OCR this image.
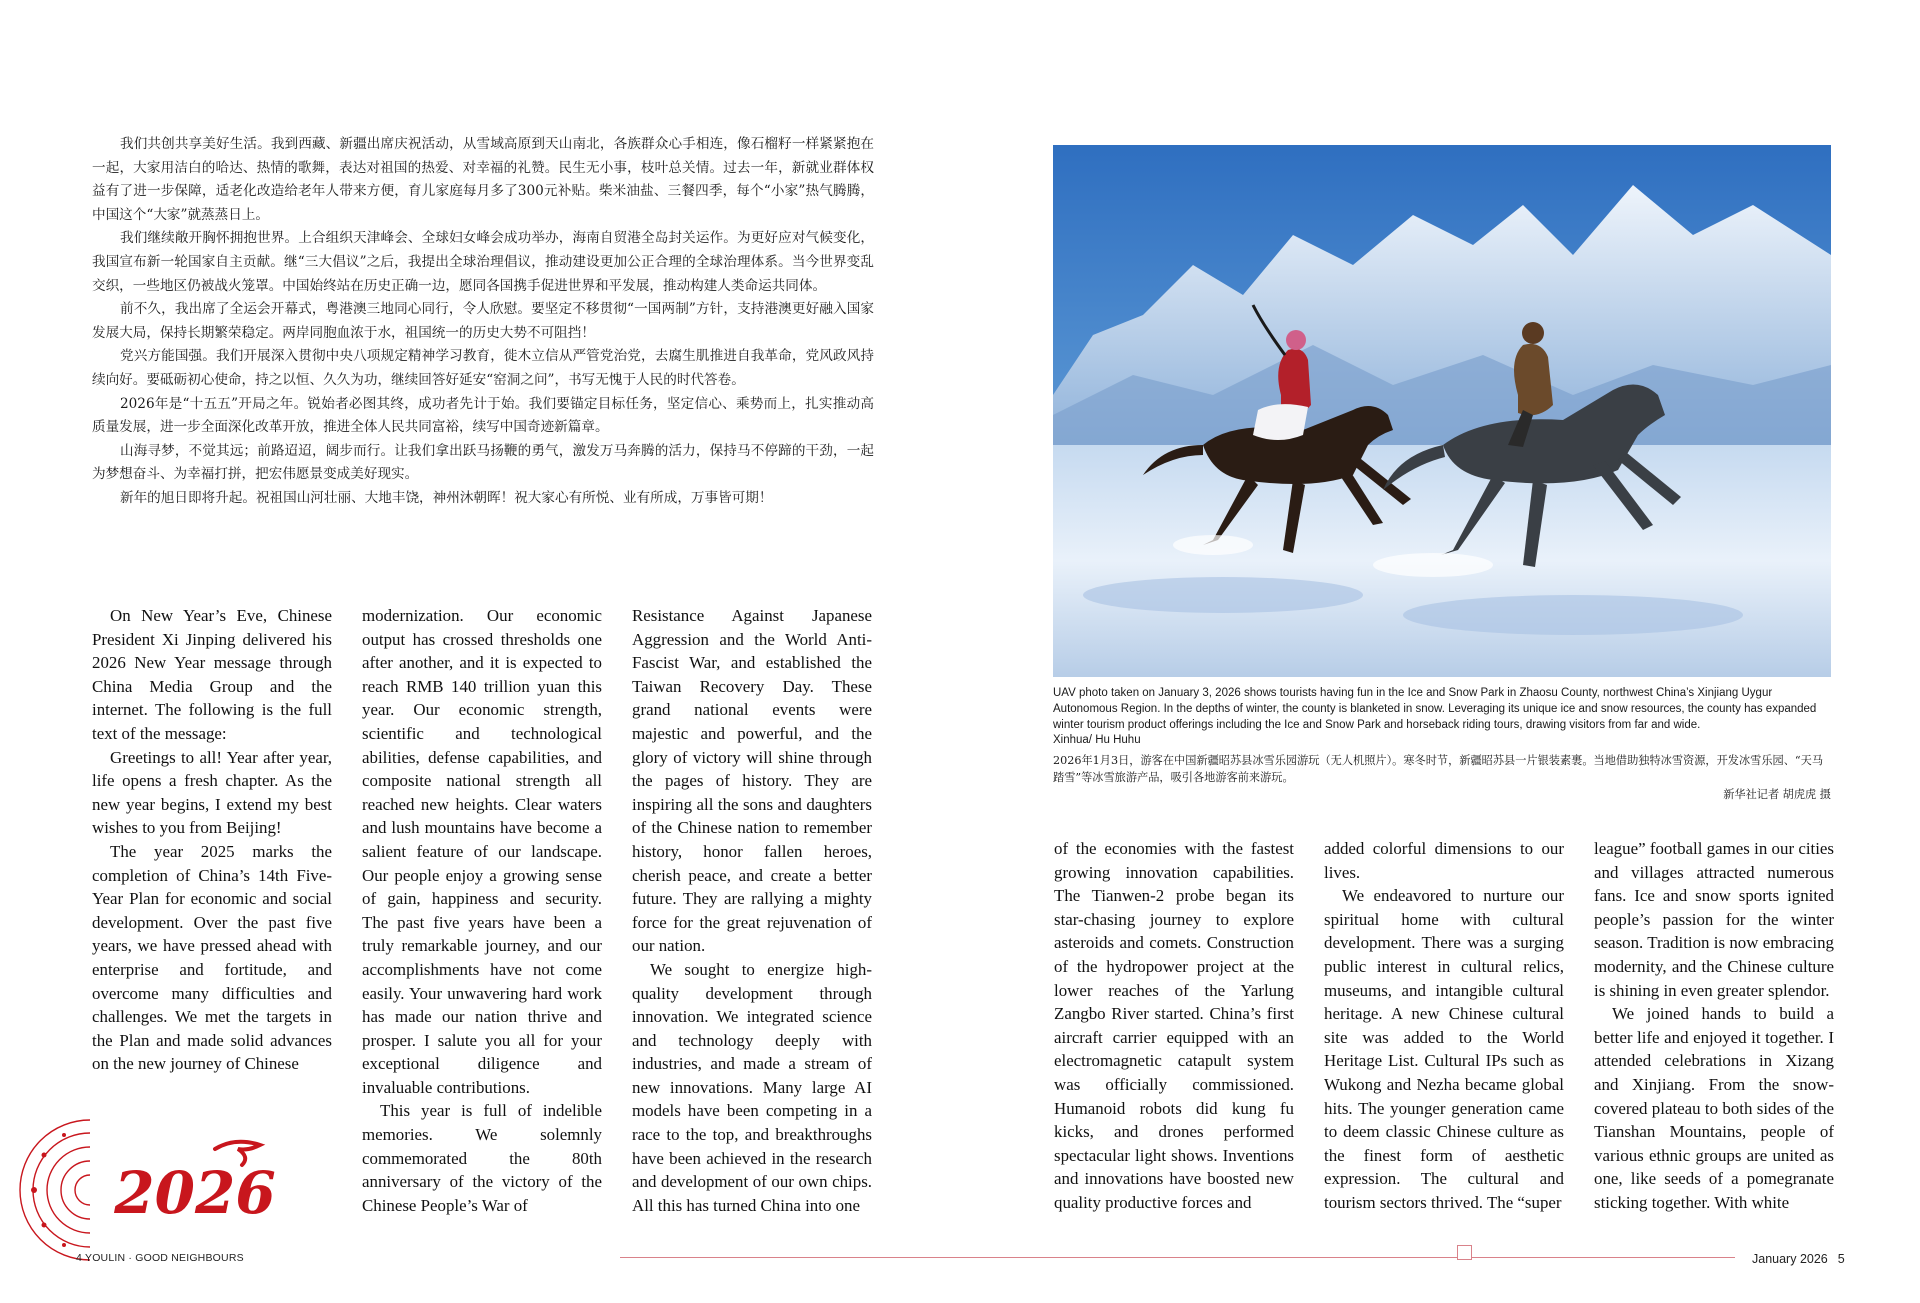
我们共创共享美好生活。我到西藏、新疆出席庆祝活动，从雪域高原到天山南北，各族群众心手相连，像石榴籽一样紧紧抱在一起，大家用洁白的哈达、热情的歌舞，表达对祖国的热爱、对幸福的礼赞。民生无小事，枝叶总关情。过去一年，新就业群体权益有了进一步保障，适老化改造给老年人带来方便，育儿家庭每月多了300元补贴。柴米油盐、三餐四季，每个“小家”热气腾腾，中国这个“大家”就蒸蒸日上。

我们继续敞开胸怀拥抱世界。上合组织天津峰会、全球妇女峰会成功举办，海南自贸港全岛封关运作。为更好应对气候变化，我国宣布新一轮国家自主贡献。继“三大倡议”之后，我提出全球治理倡议，推动建设更加公正合理的全球治理体系。当今世界变乱交织，一些地区仍被战火笼罩。中国始终站在历史正确一边，愿同各国携手促进世界和平发展，推动构建人类命运共同体。

前不久，我出席了全运会开幕式，粤港澳三地同心同行，令人欣慰。要坚定不移贯彻“一国两制”方针，支持港澳更好融入国家发展大局，保持长期繁荣稳定。两岸同胞血浓于水，祖国统一的历史大势不可阻挡！

党兴方能国强。我们开展深入贯彻中央八项规定精神学习教育，徙木立信从严管党治党，去腐生肌推进自我革命，党风政风持续向好。要砥砺初心使命，持之以恒、久久为功，继续回答好延安“窑洞之问”，书写无愧于人民的时代答卷。

2026年是“十五五”开局之年。锐始者必图其终，成功者先计于始。我们要锚定目标任务，坚定信心、乘势而上，扎实推动高质量发展，进一步全面深化改革开放，推进全体人民共同富裕，续写中国奇迹新篇章。

山海寻梦，不觉其远；前路迢迢，阔步而行。让我们拿出跃马扬鞭的勇气，激发万马奔腾的活力，保持马不停蹄的干劲，一起为梦想奋斗、为幸福打拼，把宏伟愿景变成美好现实。

新年的旭日即将升起。祝祖国山河壮丽、大地丰饶，神州沐朝晖！祝大家心有所悦、业有所成，万事皆可期！

On New Year’s Eve, Chinese President Xi Jinping delivered his 2026 New Year message through China Media Group and the internet. The following is the full text of the message:

Greetings to all! Year after year, life opens a fresh chapter. As the new year begins, I extend my best wishes to you from Beijing!

The year 2025 marks the completion of China’s 14th Five-Year Plan for economic and social development. Over the past five years, we have pressed ahead with enterprise and fortitude, and overcome many difficulties and challenges. We met the targets in the Plan and made solid advances on the new journey of Chinese

modernization. Our economic output has crossed thresholds one after another, and it is expected to reach RMB 140 trillion yuan this year. Our economic strength, scientific and technological abilities, defense capabilities, and composite national strength all reached new heights. Clear waters and lush mountains have become a salient feature of our landscape. Our people enjoy a growing sense of gain, happiness and security. The past five years have been a truly remarkable journey, and our accomplishments have not come easily. Your unwavering hard work has made our nation thrive and prosper. I salute you all for your exceptional diligence and invaluable contributions.

This year is full of indelible memories. We solemnly commemorated the 80th anniversary of the victory of the Chinese People’s War of

Resistance Against Japanese Aggression and the World Anti-Fascist War, and established the Taiwan Recovery Day. These grand national events were majestic and powerful, and the glory of victory will shine through the pages of history. They are inspiring all the sons and daughters of the Chinese nation to remember history, honor fallen heroes, cherish peace, and create a better future. They are rallying a mighty force for the great rejuvenation of our nation.

We sought to energize high-quality development through innovation. We integrated science and technology deeply with industries, and made a stream of new innovations. Many large AI models have been competing in a race to the top, and breakthroughs have been achieved in the research and development of our own chips. All this has turned China into one

UAV photo taken on January 3, 2026 shows tourists having fun in the Ice and Snow Park in Zhaosu County, northwest China’s Xinjiang Uygur Autonomous Region. In the depths of winter, the county is blanketed in snow. Leveraging its unique ice and snow resources, the county has expanded winter tourism product offerings including the Ice and Snow Park and horseback riding tours, drawing visitors from far and wide.
Xinhua/ Hu Huhu
2026年1月3日，游客在中国新疆昭苏县冰雪乐园游玩（无人机照片）。寒冬时节，新疆昭苏县一片银装素裹。当地借助独特冰雪资源，开发冰雪乐园、“天马踏雪”等冰雪旅游产品，吸引各地游客前来游玩。
新华社记者 胡虎虎 摄

of the economies with the fastest growing innovation capabilities. The Tianwen-2 probe began its star-chasing journey to explore asteroids and comets. Construction of the hydropower project at the lower reaches of the Yarlung Zangbo River started. China’s first aircraft carrier equipped with an electromagnetic catapult system was officially commissioned. Humanoid robots did kung fu kicks, and drones performed spectacular light shows. Inventions and innovations have boosted new quality productive forces and

added colorful dimensions to our lives.

We endeavored to nurture our spiritual home with cultural development. There was a surging public interest in cultural relics, museums, and intangible cultural heritage. A new Chinese cultural site was added to the World Heritage List. Cultural IPs such as Wukong and Nezha became global hits. The younger generation came to deem classic Chinese culture as the finest form of aesthetic expression. The cultural and tourism sectors thrived. The “super

league” football games in our cities and villages attracted numerous fans. Ice and snow sports ignited people’s passion for the winter season. Tradition is now embracing modernity, and the Chinese culture is shining in even greater splendor.

We joined hands to build a better life and enjoyed it together. I attended celebrations in Xizang and Xinjiang. From the snow-covered plateau to both sides of the Tianshan Mountains, people of various ethnic groups are united as one, like seeds of a pomegranate sticking together. With white

2026
4 YOULIN · GOOD NEIGHBOURS	January 2026 5
